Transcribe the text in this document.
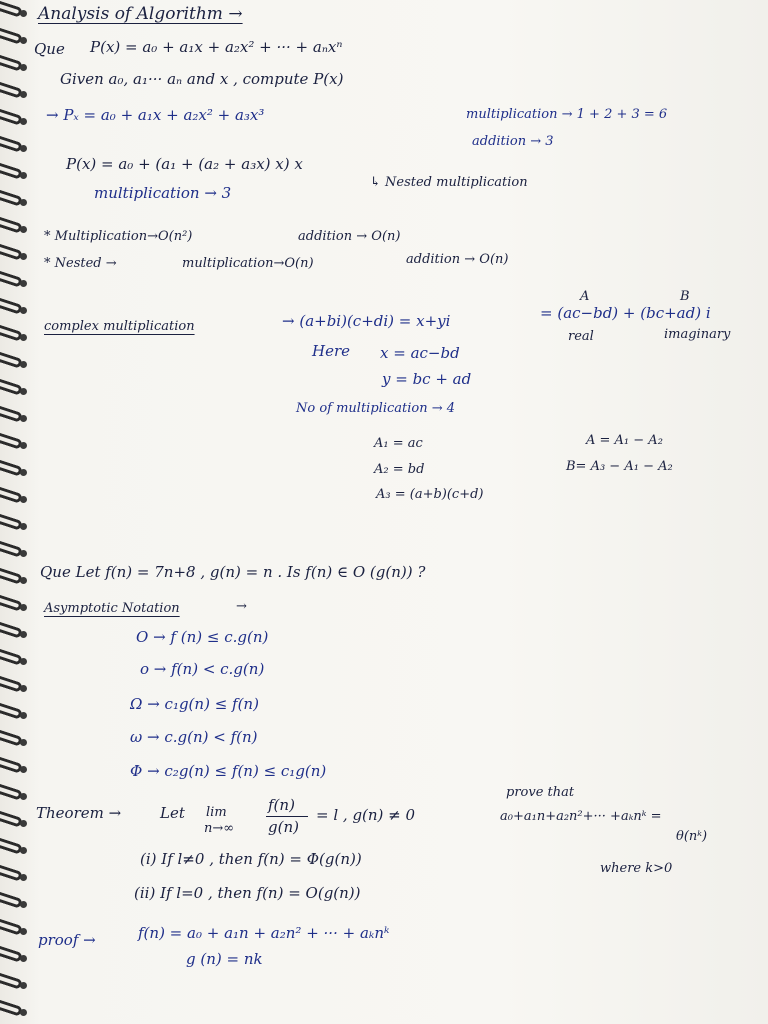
Analysis of Algorithm →
Que P(x) = a₀ + a₁x + a₂x² + ··· + aₙxⁿ
Given a₀, a₁··· aₙ and x , compute P(x)
→ Pₓ = a₀ + a₁x + a₂x² + a₃x³	multiplication → 1 + 2 + 3 = 6
addition → 3
P(x) = a₀ + (a₁ + (a₂ + a₃x) x) x
↳ Nested multiplication
multiplication → 3
* Multiplication→O(n²)	addition → O(n)
* Nested →	multiplication→O(n)	addition → O(n)
complex multiplication	→ (a+bi)(c+di) = x+yi	= (ac−bd) + (bc+ad) i
A	B
real	imaginary
Here x = ac−bd
y = bc + ad
No of multiplication → 4
A₁ = ac
A₂ = bd
A₃ = (a+b)(c+d)
A = A₁ − A₂
B= A₃ − A₁ − A₂
Que Let f(n) = 7n+8 , g(n) = n . Is f(n) ∈ O (g(n)) ?
Asymptotic Notation	→
O → f (n) ≤ c.g(n)
o → f(n) < c.g(n)
Ω → c₁g(n) ≤ f(n)
ω → c.g(n) < f(n)
Φ → c₂g(n) ≤ f(n) ≤ c₁g(n)
Theorem →	Let lim
n→∞
f(n)
g(n)
= l , g(n) ≠ 0
prove that
a₀+a₁n+a₂n²+··· +aₖnᵏ =
θ(nᵏ)
where k>0
(i) If l≠0 , then f(n) = Φ(g(n))
(ii) If l=0 , then f(n) = O(g(n))
proof →	f(n) = a₀ + a₁n + a₂n² + ··· + aₖnᵏ
g (n) = nk
